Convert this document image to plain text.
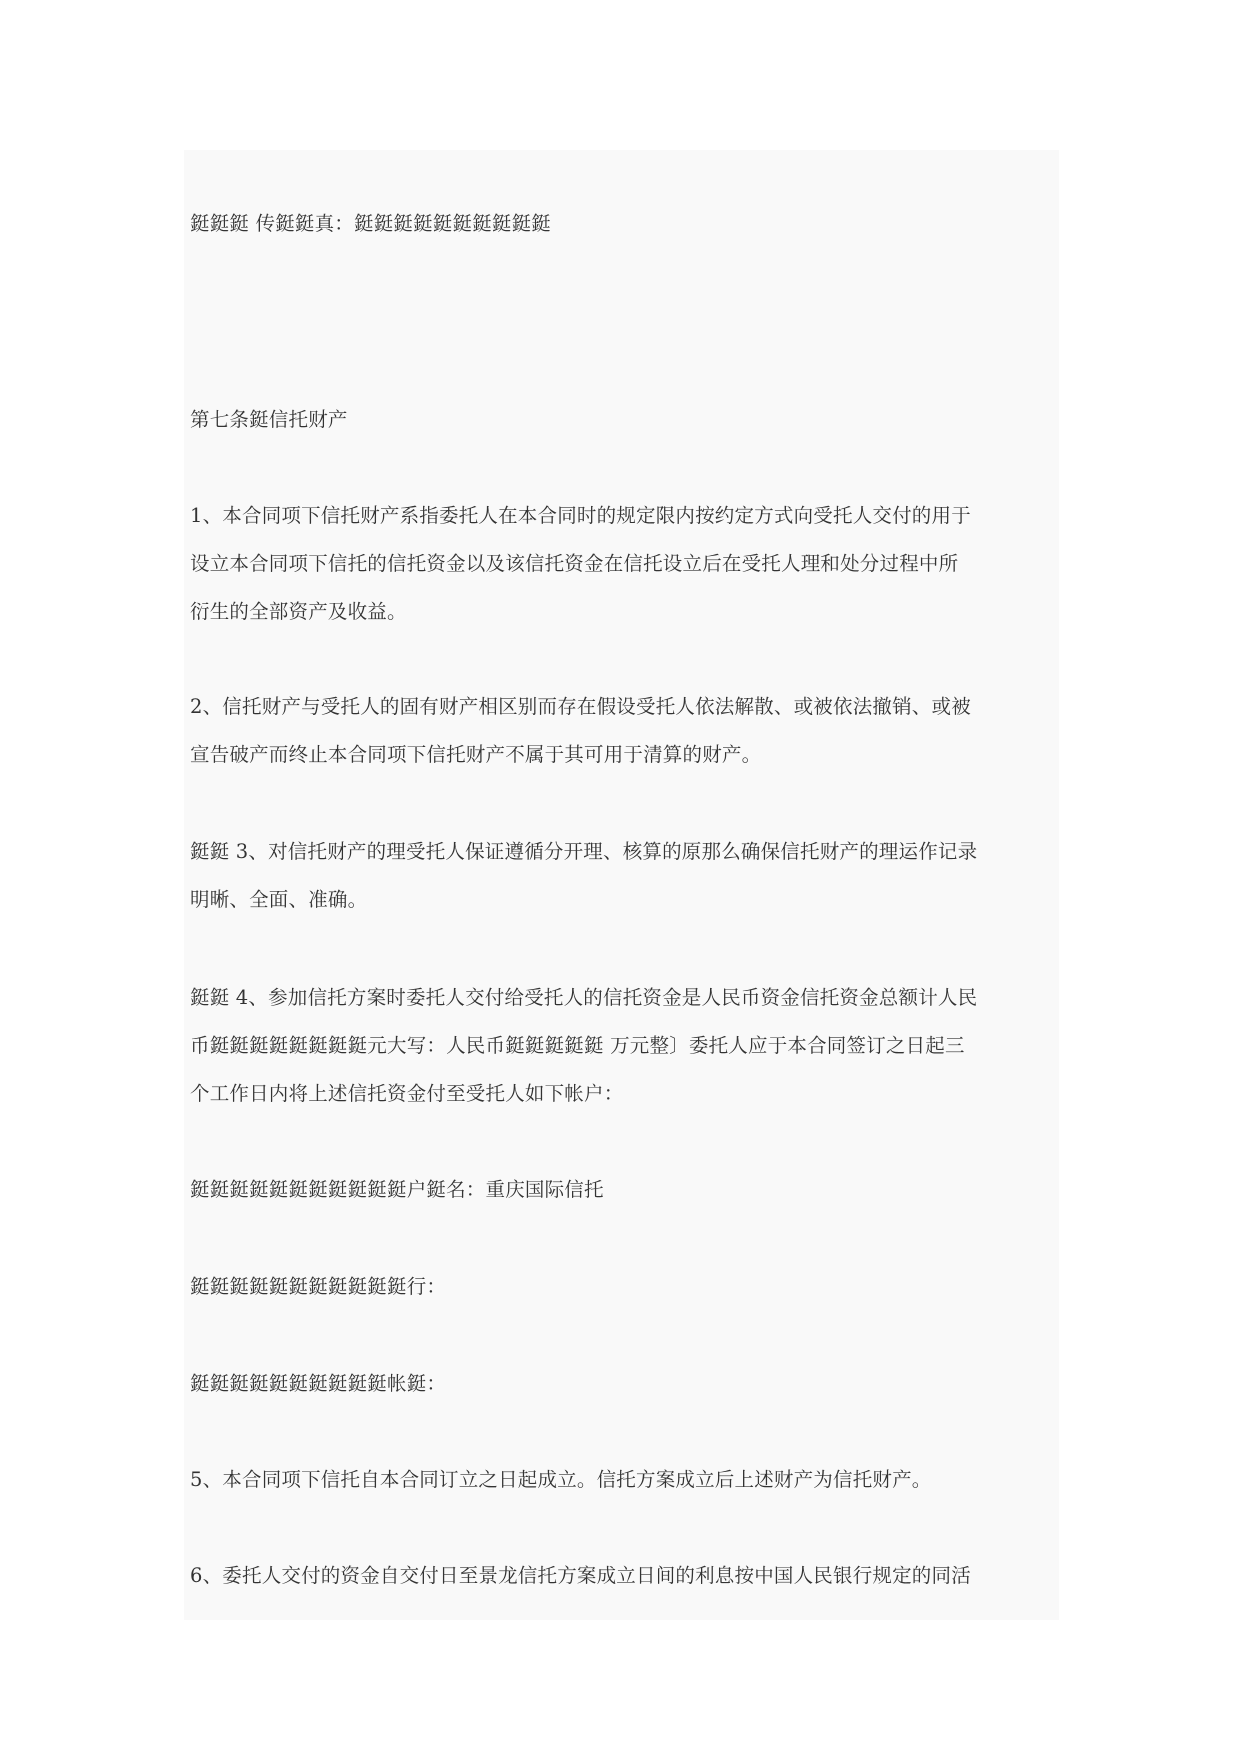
鋌鋌鋌 传鋌鋌真：鋌鋌鋌鋌鋌鋌鋌鋌鋌鋌

第七条鋌信托财产

1、本合同项下信托财产系指委托人在本合同时的规定限内按约定方式向受托人交付的用于
设立本合同项下信托的信托资金以及该信托资金在信托设立后在受托人理和处分过程中所
衍生的全部资产及收益。

2、信托财产与受托人的固有财产相区别而存在假设受托人依法解散、或被依法撤销、或被
宣告破产而终止本合同项下信托财产不属于其可用于清算的财产。

鋌鋌 3、对信托财产的理受托人保证遵循分开理、核算的原那么确保信托财产的理运作记录
明晰、全面、准确。

鋌鋌 4、参加信托方案时委托人交付给受托人的信托资金是人民币资金信托资金总额计人民
币鋌鋌鋌鋌鋌鋌鋌鋌元大写：人民币鋌鋌鋌鋌鋌 万元整〕委托人应于本合同签订之日起三
个工作日内将上述信托资金付至受托人如下帐户：

鋌鋌鋌鋌鋌鋌鋌鋌鋌鋌鋌户鋌名：重庆国际信托

鋌鋌鋌鋌鋌鋌鋌鋌鋌鋌鋌行：

鋌鋌鋌鋌鋌鋌鋌鋌鋌鋌帐鋌：

5、本合同项下信托自本合同订立之日起成立。信托方案成立后上述财产为信托财产。

6、委托人交付的资金自交付日至景龙信托方案成立日间的利息按中国人民银行规定的同活
